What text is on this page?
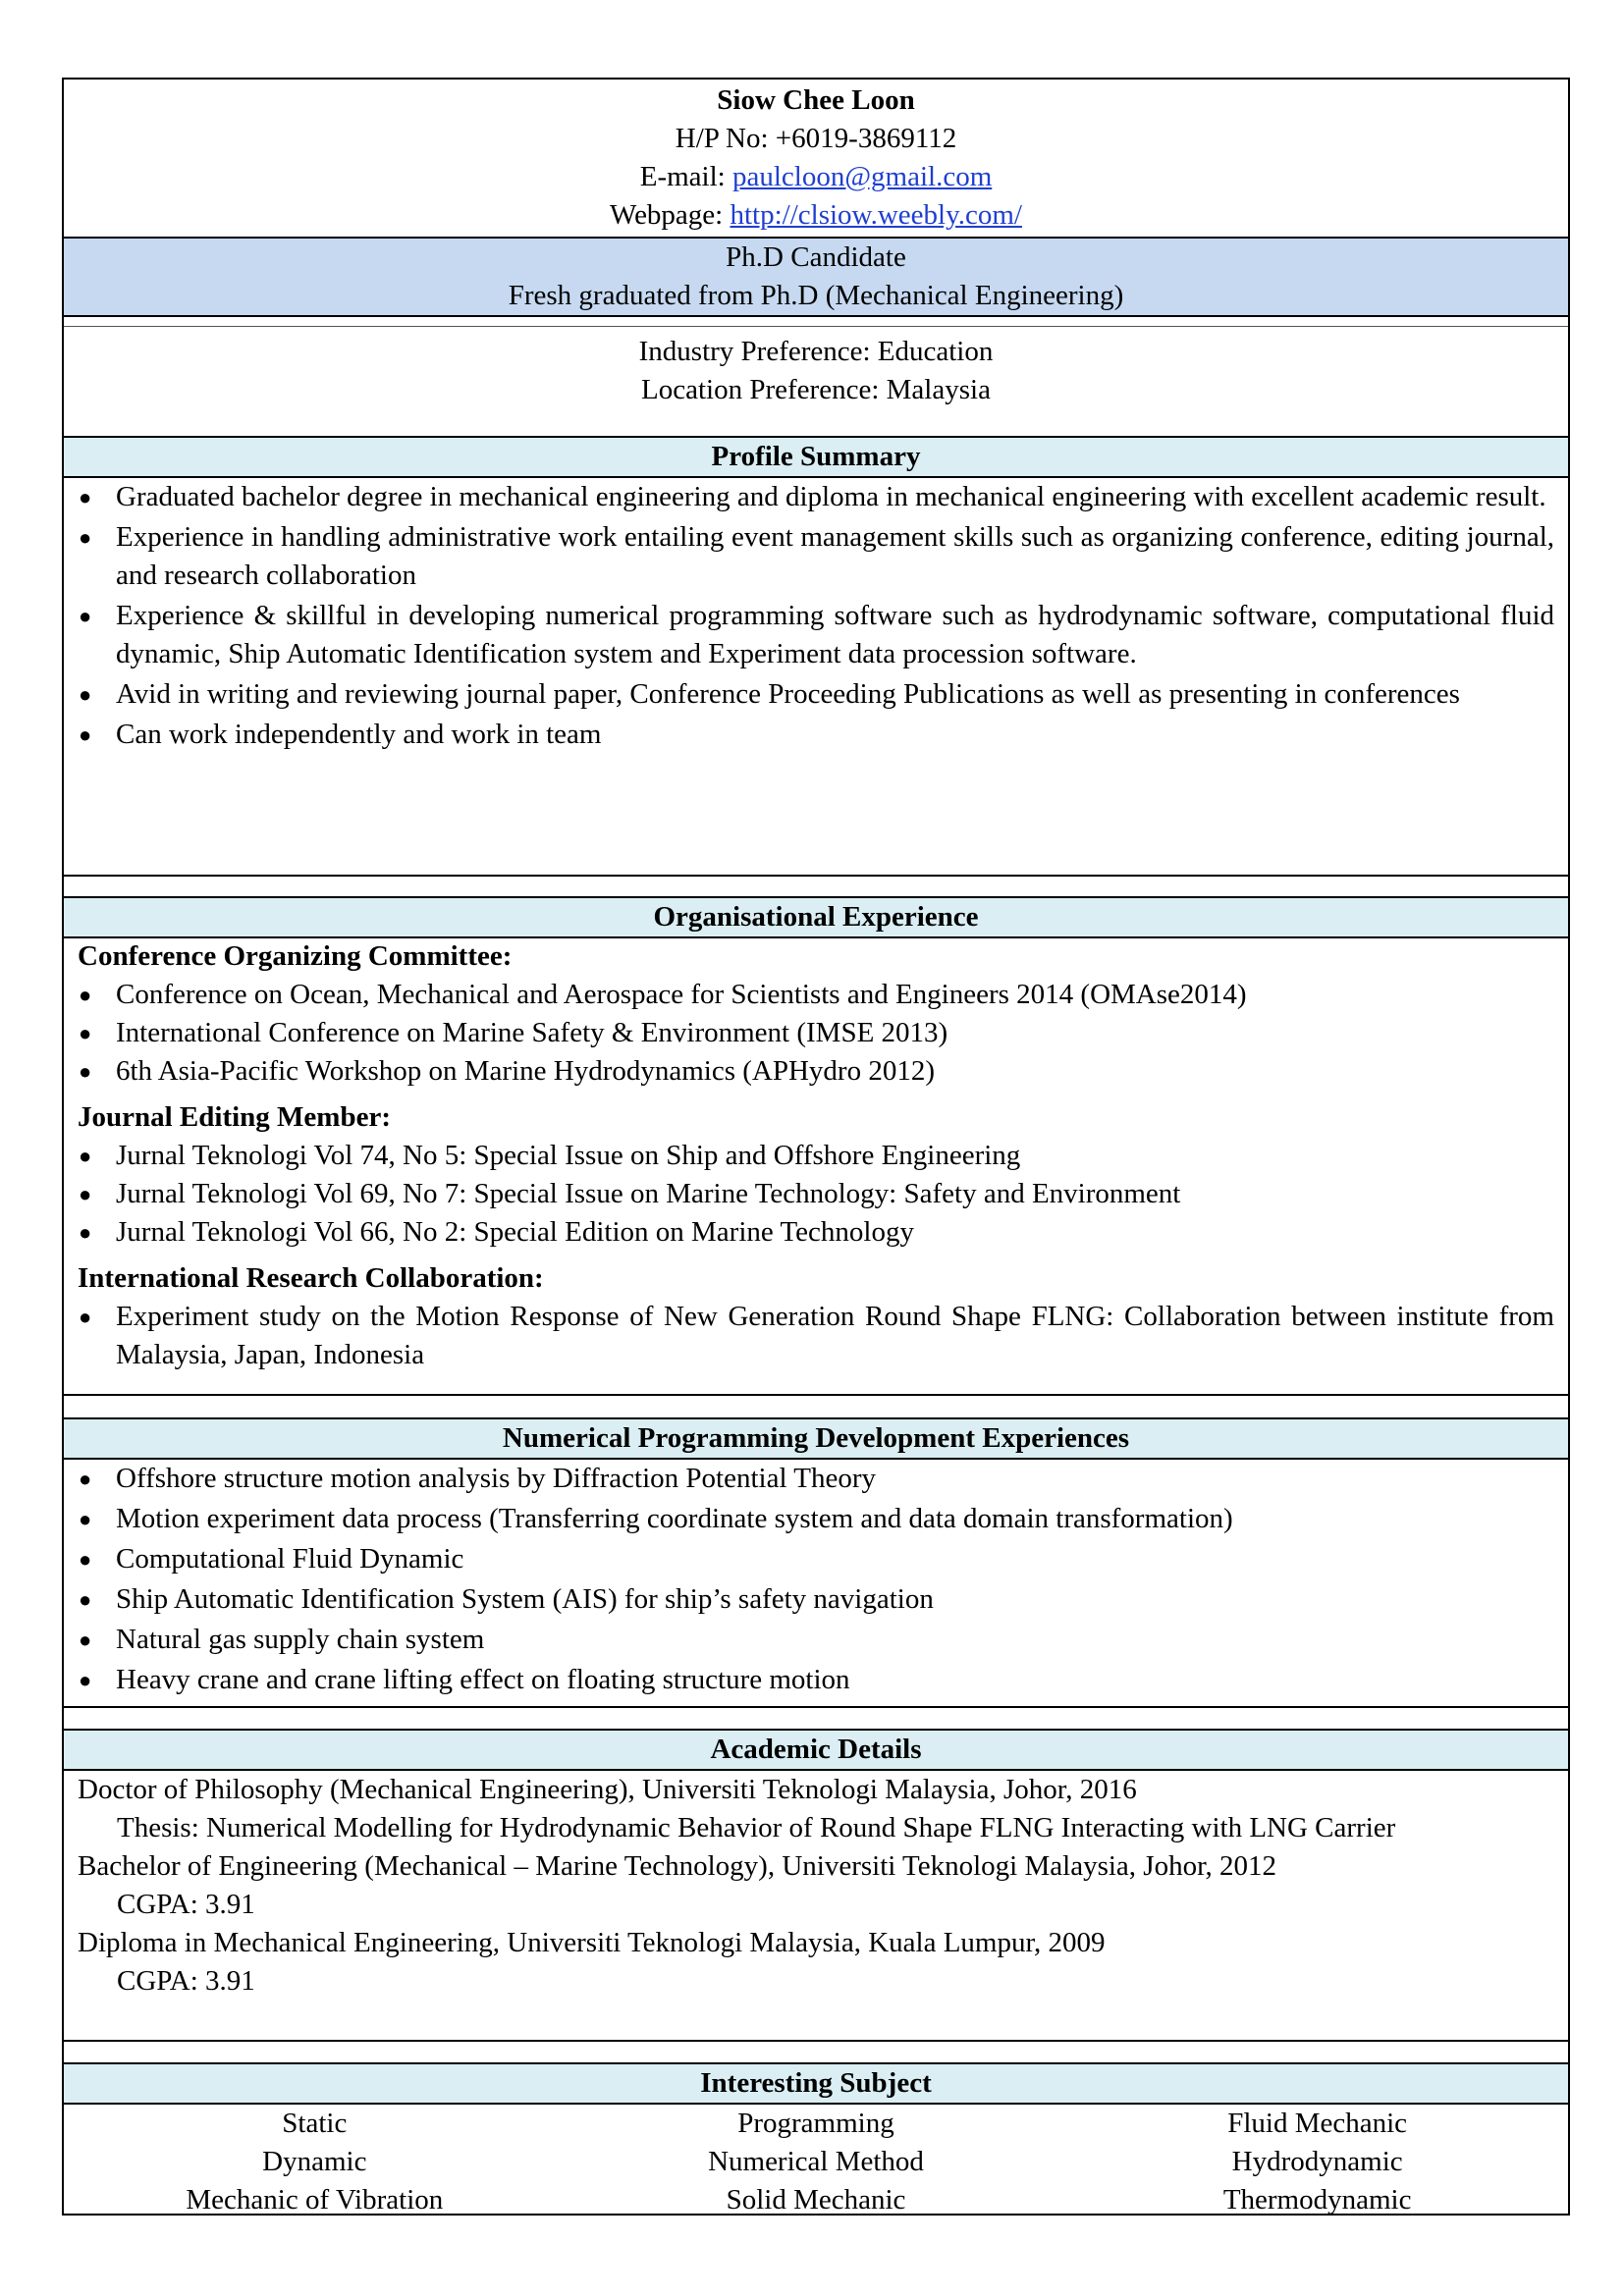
Siow Chee Loon
H/P No: +6019-3869112
E-mail: paulcloon@gmail.com
Webpage: http://clsiow.weebly.com/
Ph.D Candidate
Fresh graduated from Ph.D (Mechanical Engineering)
Industry Preference: Education
Location Preference: Malaysia
Profile Summary
● Graduated bachelor degree in mechanical engineering and diploma in mechanical engineering with excellent academic result.
● Experience in handling administrative work entailing event management skills such as organizing conference, editing journal, and research collaboration
● Experience & skillful in developing numerical programming software such as hydrodynamic software, computational fluid dynamic, Ship Automatic Identification system and Experiment data procession software.
● Avid in writing and reviewing journal paper, Conference Proceeding Publications as well as presenting in conferences
● Can work independently and work in team
Organisational Experience
Conference Organizing Committee:
● Conference on Ocean, Mechanical and Aerospace for Scientists and Engineers 2014 (OMAse2014)
● International Conference on Marine Safety & Environment (IMSE 2013)
● 6th Asia-Pacific Workshop on Marine Hydrodynamics (APHydro 2012)
Journal Editing Member:
● Jurnal Teknologi Vol 74, No 5: Special Issue on Ship and Offshore Engineering
● Jurnal Teknologi Vol 69, No 7: Special Issue on Marine Technology: Safety and Environment
● Jurnal Teknologi Vol 66, No 2: Special Edition on Marine Technology
International Research Collaboration:
● Experiment study on the Motion Response of New Generation Round Shape FLNG: Collaboration between institute from Malaysia, Japan, Indonesia
Numerical Programming Development Experiences
● Offshore structure motion analysis by Diffraction Potential Theory
● Motion experiment data process (Transferring coordinate system and data domain transformation)
● Computational Fluid Dynamic
● Ship Automatic Identification System (AIS) for ship’s safety navigation
● Natural gas supply chain system
● Heavy crane and crane lifting effect on floating structure motion
Academic Details
Doctor of Philosophy (Mechanical Engineering), Universiti Teknologi Malaysia, Johor, 2016
Thesis: Numerical Modelling for Hydrodynamic Behavior of Round Shape FLNG Interacting with LNG Carrier
Bachelor of Engineering (Mechanical – Marine Technology), Universiti Teknologi Malaysia, Johor, 2012
CGPA: 3.91
Diploma in Mechanical Engineering, Universiti Teknologi Malaysia, Kuala Lumpur, 2009
CGPA: 3.91
Interesting Subject
Static
Dynamic
Mechanic of Vibration
Programming
Numerical Method
Solid Mechanic
Fluid Mechanic
Hydrodynamic
Thermodynamic
